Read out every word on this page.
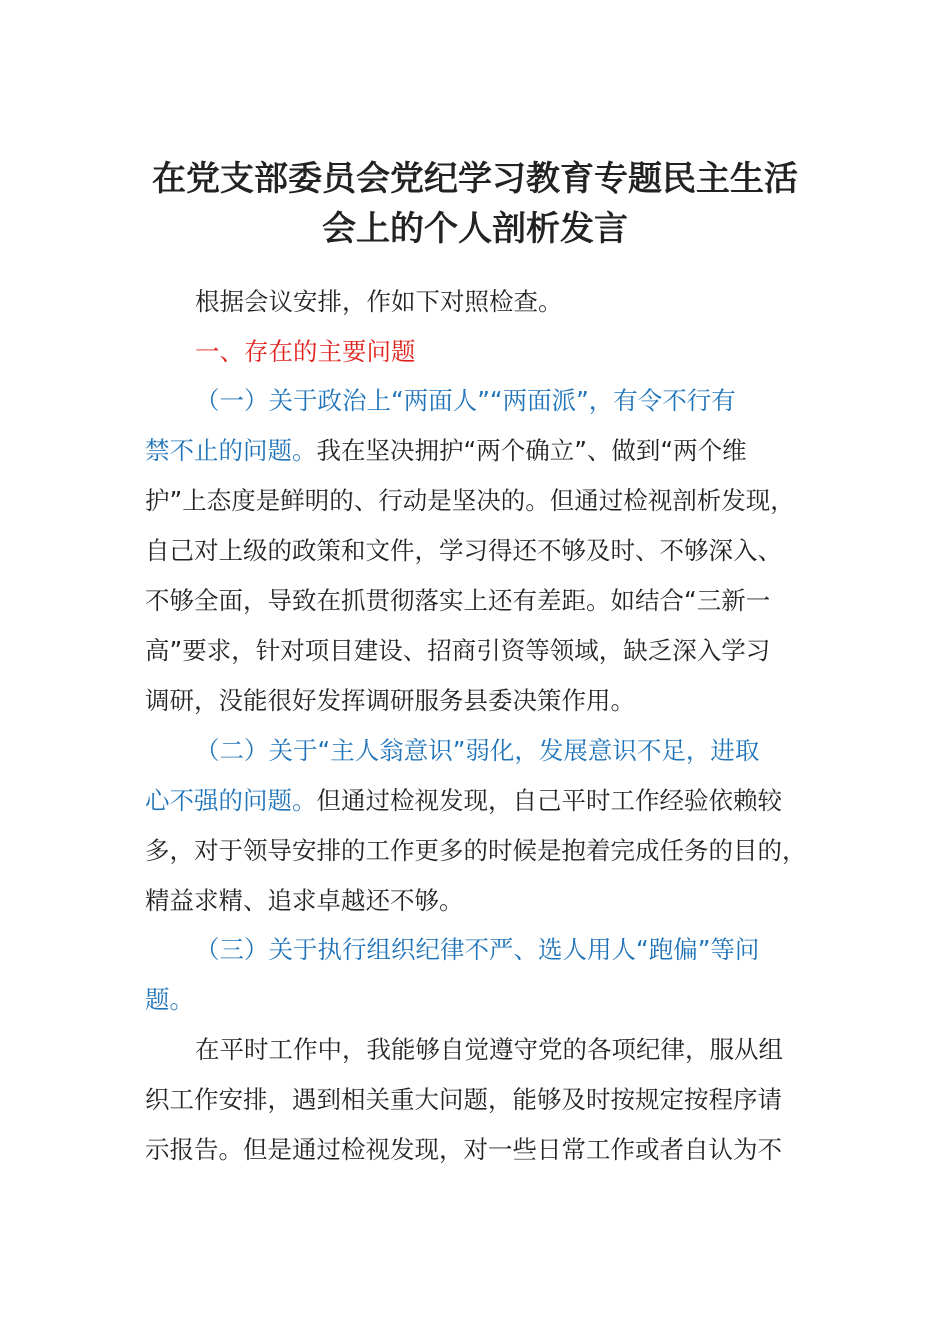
在党支部委员会党纪学习教育专题民主生活
会上的个人剖析发言
根据会议安排，作如下对照检查。
一、存在的主要问题
（一）关于政治上“两面人”“两面派”，有令不行有
禁不止的问题。我在坚决拥护“两个确立”、做到“两个维
护”上态度是鲜明的、行动是坚决的。但通过检视剖析发现，
自己对上级的政策和文件，学习得还不够及时、不够深入、
不够全面，导致在抓贯彻落实上还有差距。如结合“三新一
高”要求，针对项目建设、招商引资等领域，缺乏深入学习
调研，没能很好发挥调研服务县委决策作用。
（二）关于“主人翁意识”弱化，发展意识不足，进取
心不强的问题。但通过检视发现，自己平时工作经验依赖较
多，对于领导安排的工作更多的时候是抱着完成任务的目的，
精益求精、追求卓越还不够。
（三）关于执行组织纪律不严、选人用人“跑偏”等问
题。
在平时工作中，我能够自觉遵守党的各项纪律，服从组
织工作安排，遇到相关重大问题，能够及时按规定按程序请
示报告。但是通过检视发现，对一些日常工作或者自认为不
